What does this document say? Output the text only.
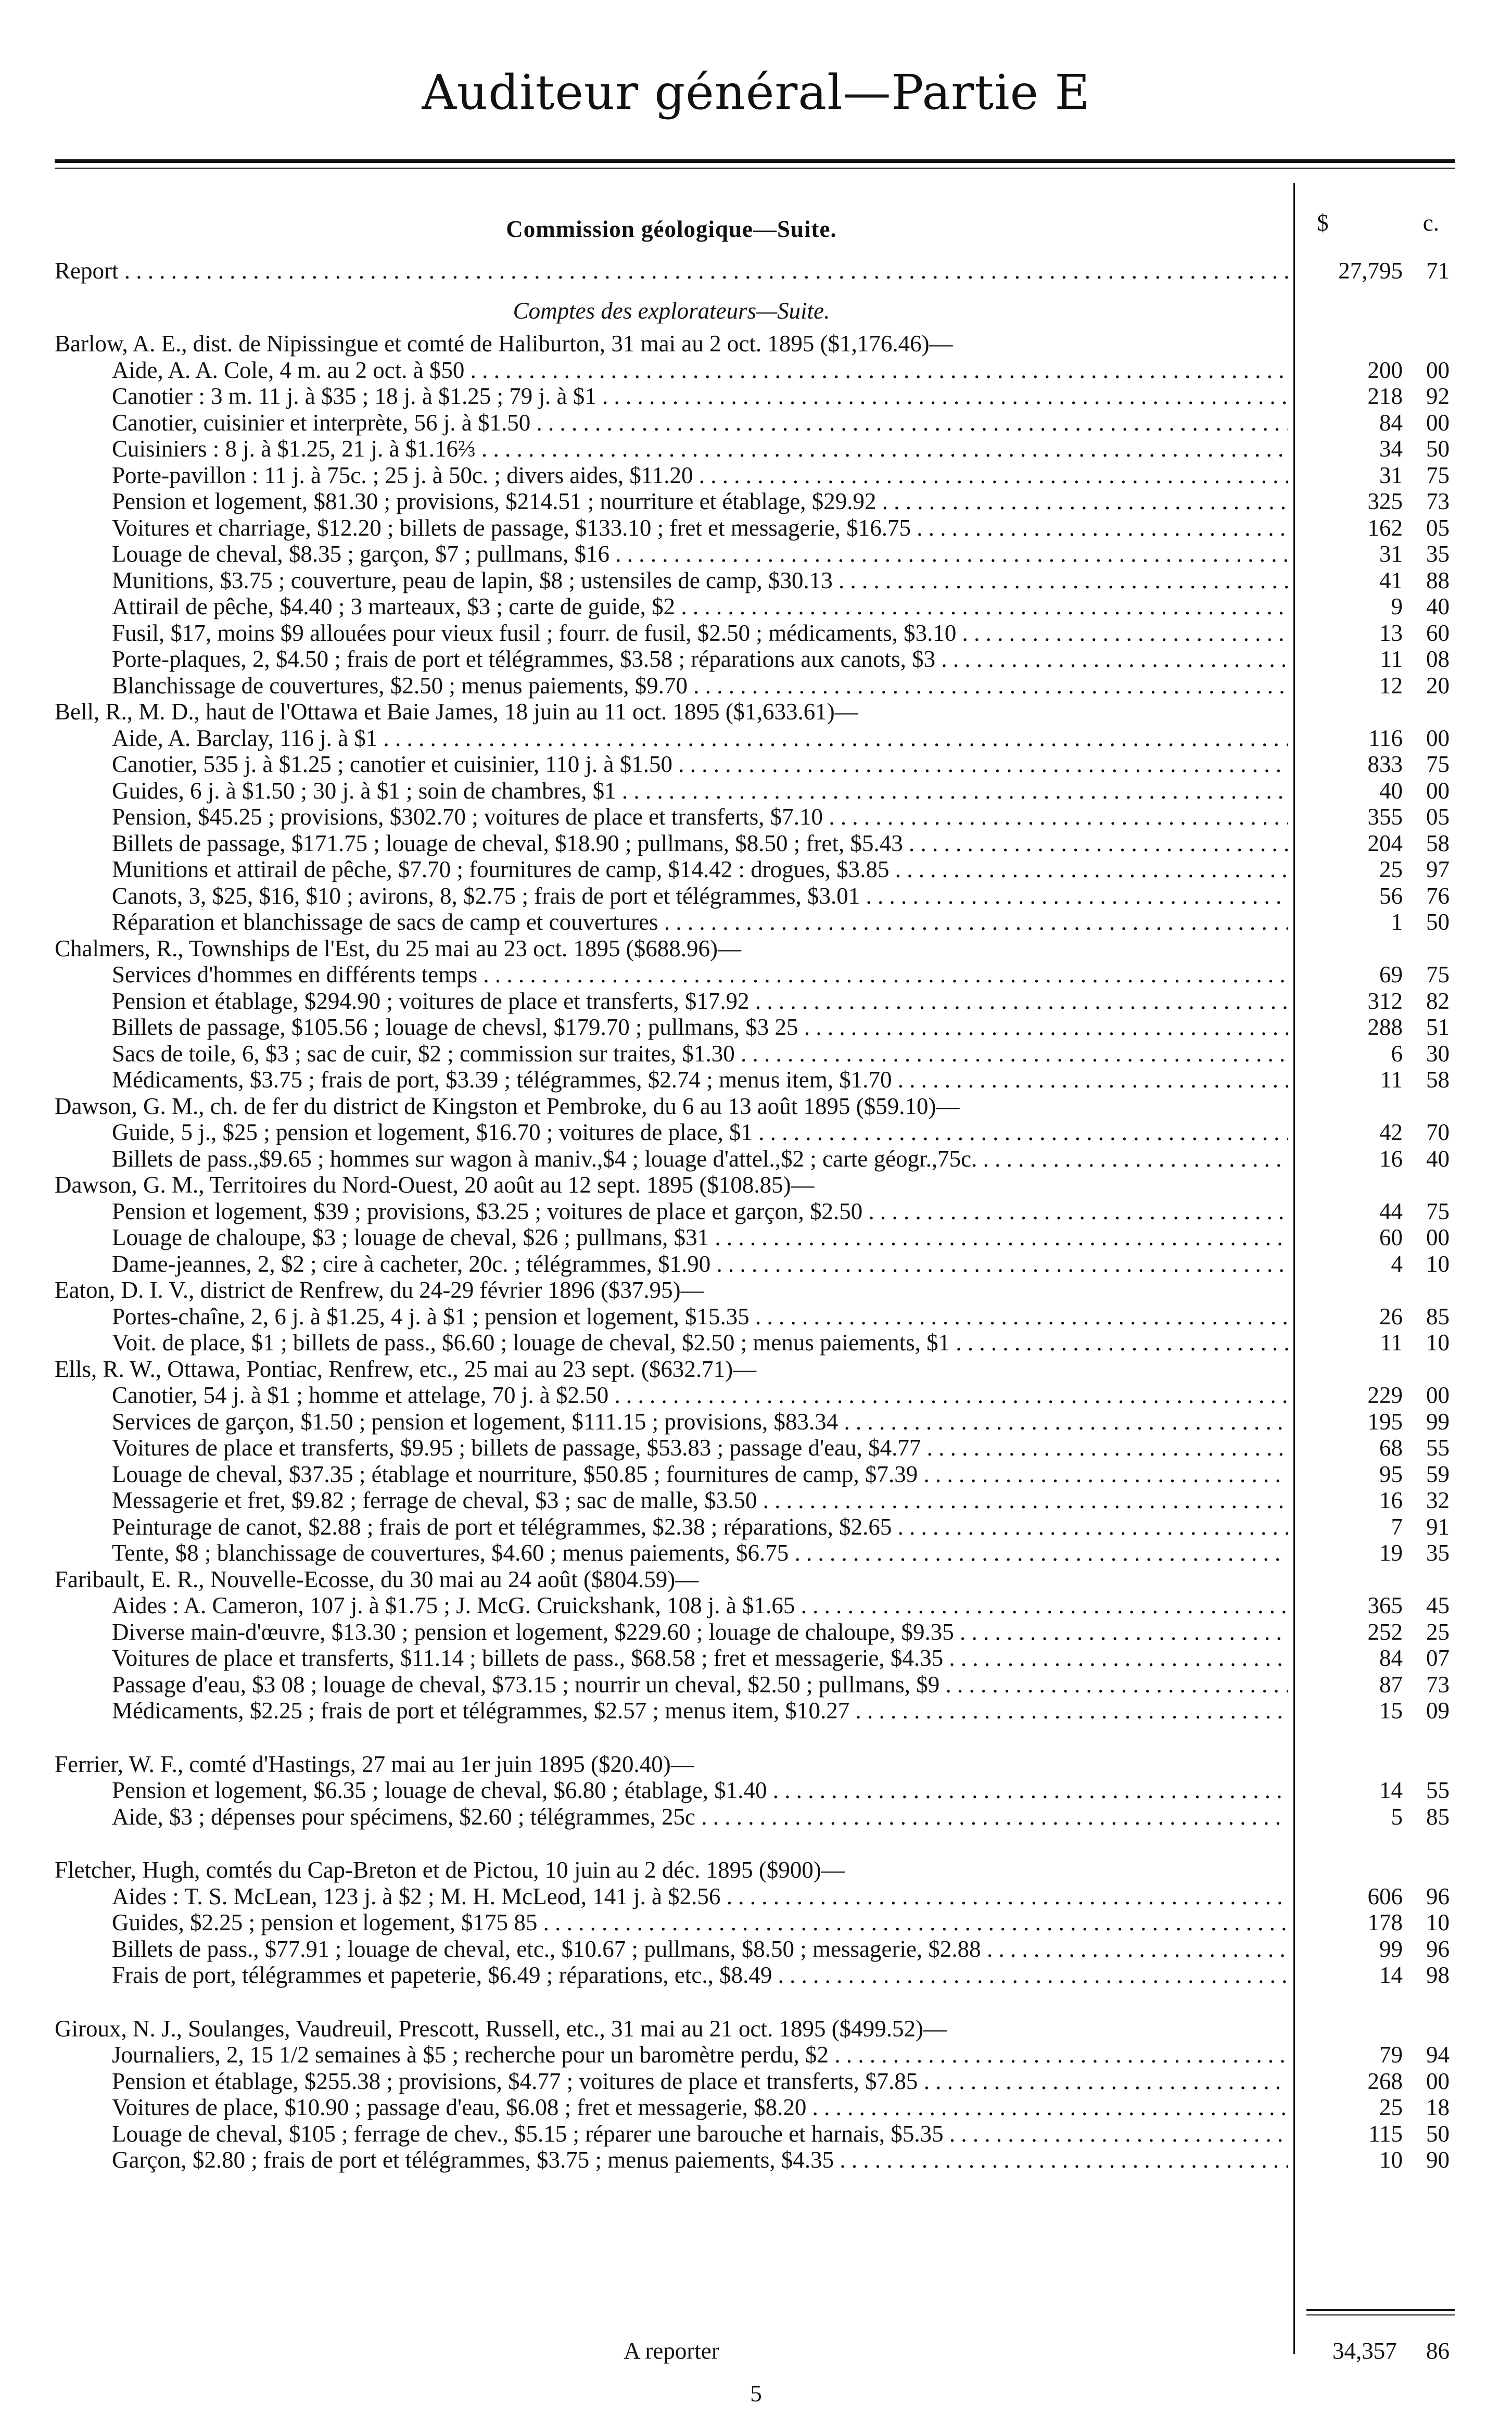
Auditeur général—Partie E
$	c.
Commission géologique—Suite.
Report . . .	27,795 71
Comptes des explorateurs—Suite.
Barlow, A. E., dist. de Nipissingue et comté de Haliburton, 31 mai au 2 oct. 1895 ($1,176.46)—
Aide, A. A. Cole, 4 m. au 2 oct. à $50 . . .	200 00
Canotier : 3 m. 11 j. à $35 ; 18 j. à $1.25 ; 79 j. à $1 . . .	218 92
Canotier, cuisinier et interprète, 56 j. à $1.50 . . .	84 00
Cuisiniers : 8 j. à $1.25, 21 j. à $1.16⅔ . . .	34 50
Porte-pavillon : 11 j. à 75c. ; 25 j. à 50c. ; divers aides, $11.20 . . .	31 75
Pension et logement, $81.30 ; provisions, $214.51 ; nourriture et établage, $29.92 . . .	325 73
Voitures et charriage, $12.20 ; billets de passage, $133.10 ; fret et messagerie, $16.75 . . .	162 05
Louage de cheval, $8.35 ; garçon, $7 ; pullmans, $16 . . .	31 35
Munitions, $3.75 ; couverture, peau de lapin, $8 ; ustensiles de camp, $30.13 . . .	41 88
Attirail de pêche, $4.40 ; 3 marteaux, $3 ; carte de guide, $2 . . .	9 40
Fusil, $17, moins $9 allouées pour vieux fusil ; fourr. de fusil, $2.50 ; médicaments, $3.10 . . .	13 60
Porte-plaques, 2, $4.50 ; frais de port et télégrammes, $3.58 ; réparations aux canots, $3 . . .	11 08
Blanchissage de couvertures, $2.50 ; menus paiements, $9.70 . . .	12 20
Bell, R., M. D., haut de l'Ottawa et Baie James, 18 juin au 11 oct. 1895 ($1,633.61)—
Aide, A. Barclay, 116 j. à $1 . . .	116 00
Canotier, 535 j. à $1.25 ; canotier et cuisinier, 110 j. à $1.50 . . .	833 75
Guides, 6 j. à $1.50 ; 30 j. à $1 ; soin de chambres, $1 . . .	40 00
Pension, $45.25 ; provisions, $302.70 ; voitures de place et transferts, $7.10 . . .	355 05
Billets de passage, $171.75 ; louage de cheval, $18.90 ; pullmans, $8.50 ; fret, $5.43 . . .	204 58
Munitions et attirail de pêche, $7.70 ; fournitures de camp, $14.42 : drogues, $3.85 . . .	25 97
Canots, 3, $25, $16, $10 ; avirons, 8, $2.75 ; frais de port et télégrammes, $3.01 . . .	56 76
Réparation et blanchissage de sacs de camp et couvertures . . .	1 50
Chalmers, R., Townships de l'Est, du 25 mai au 23 oct. 1895 ($688.96)—
Services d'hommes en différents temps . . .	69 75
Pension et établage, $294.90 ; voitures de place et transferts, $17.92 . . .	312 82
Billets de passage, $105.56 ; louage de chevsl, $179.70 ; pullmans, $3 25 . . .	288 51
Sacs de toile, 6, $3 ; sac de cuir, $2 ; commission sur traites, $1.30 . . .	6 30
Médicaments, $3.75 ; frais de port, $3.39 ; télégrammes, $2.74 ; menus item, $1.70 . . .	11 58
Dawson, G. M., ch. de fer du district de Kingston et Pembroke, du 6 au 13 août 1895 ($59.10)—
Guide, 5 j., $25 ; pension et logement, $16.70 ; voitures de place, $1 . . .	42 70
Billets de pass.,$9.65 ; hommes sur wagon à maniv.,$4 ; louage d'attel.,$2 ; carte géogr.,75c. . . .	16 40
Dawson, G. M., Territoires du Nord-Ouest, 20 août au 12 sept. 1895 ($108.85)—
Pension et logement, $39 ; provisions, $3.25 ; voitures de place et garçon, $2.50 . . .	44 75
Louage de chaloupe, $3 ; louage de cheval, $26 ; pullmans, $31 . . .	60 00
Dame-jeannes, 2, $2 ; cire à cacheter, 20c. ; télégrammes, $1.90 . . .	4 10
Eaton, D. I. V., district de Renfrew, du 24-29 février 1896 ($37.95)—
Portes-chaîne, 2, 6 j. à $1.25, 4 j. à $1 ; pension et logement, $15.35 . . .	26 85
Voit. de place, $1 ; billets de pass., $6.60 ; louage de cheval, $2.50 ; menus paiements, $1 . . .	11 10
Ells, R. W., Ottawa, Pontiac, Renfrew, etc., 25 mai au 23 sept. ($632.71)—
Canotier, 54 j. à $1 ; homme et attelage, 70 j. à $2.50 . . .	229 00
Services de garçon, $1.50 ; pension et logement, $111.15 ; provisions, $83.34 . . .	195 99
Voitures de place et transferts, $9.95 ; billets de passage, $53.83 ; passage d'eau, $4.77 . . .	68 55
Louage de cheval, $37.35 ; établage et nourriture, $50.85 ; fournitures de camp, $7.39 . . .	95 59
Messagerie et fret, $9.82 ; ferrage de cheval, $3 ; sac de malle, $3.50 . . .	16 32
Peinturage de canot, $2.88 ; frais de port et télégrammes, $2.38 ; réparations, $2.65 . . .	7 91
Tente, $8 ; blanchissage de couvertures, $4.60 ; menus paiements, $6.75 . . .	19 35
Faribault, E. R., Nouvelle-Ecosse, du 30 mai au 24 août ($804.59)—
Aides : A. Cameron, 107 j. à $1.75 ; J. McG. Cruickshank, 108 j. à $1.65 . . .	365 45
Diverse main-d'œuvre, $13.30 ; pension et logement, $229.60 ; louage de chaloupe, $9.35 . . .	252 25
Voitures de place et transferts, $11.14 ; billets de pass., $68.58 ; fret et messagerie, $4.35 . . .	84 07
Passage d'eau, $3 08 ; louage de cheval, $73.15 ; nourrir un cheval, $2.50 ; pullmans, $9 . . .	87 73
Médicaments, $2.25 ; frais de port et télégrammes, $2.57 ; menus item, $10.27 . . .	15 09
Ferrier, W. F., comté d'Hastings, 27 mai au 1er juin 1895 ($20.40)—
Pension et logement, $6.35 ; louage de cheval, $6.80 ; établage, $1.40 . . .	14 55
Aide, $3 ; dépenses pour spécimens, $2.60 ; télégrammes, 25c . . .	5 85
Fletcher, Hugh, comtés du Cap-Breton et de Pictou, 10 juin au 2 déc. 1895 ($900)—
Aides : T. S. McLean, 123 j. à $2 ; M. H. McLeod, 141 j. à $2.56 . . .	606 96
Guides, $2.25 ; pension et logement, $175 85 . . .	178 10
Billets de pass., $77.91 ; louage de cheval, etc., $10.67 ; pullmans, $8.50 ; messagerie, $2.88 . . .	99 96
Frais de port, télégrammes et papeterie, $6.49 ; réparations, etc., $8.49 . . .	14 98
Giroux, N. J., Soulanges, Vaudreuil, Prescott, Russell, etc., 31 mai au 21 oct. 1895 ($499.52)—
Journaliers, 2, 15 1/2 semaines à $5 ; recherche pour un baromètre perdu, $2 . . .	79 94
Pension et établage, $255.38 ; provisions, $4.77 ; voitures de place et transferts, $7.85 . . .	268 00
Voitures de place, $10.90 ; passage d'eau, $6.08 ; fret et messagerie, $8.20 . . .	25 18
Louage de cheval, $105 ; ferrage de chev., $5.15 ; réparer une barouche et harnais, $5.35 . . .	115 50
Garçon, $2.80 ; frais de port et télégrammes, $3.75 ; menus paiements, $4.35 . . .	10 90
A reporter	34,357 86
5
